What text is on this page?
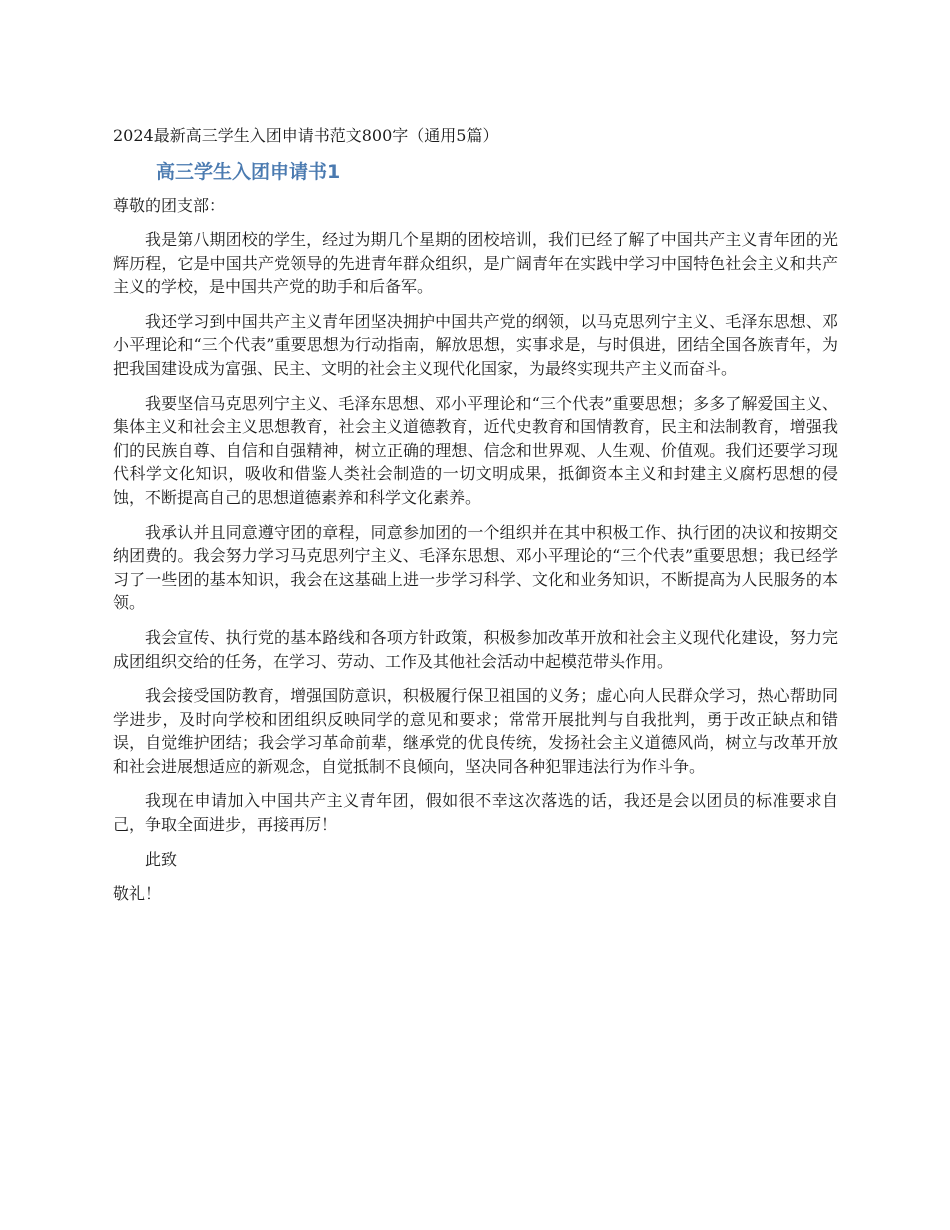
2024最新高三学生入团申请书范文800字（通用5篇）
高三学生入团申请书1
尊敬的团支部：

我是第八期团校的学生，经过为期几个星期的团校培训，我们已经了解了中国共产主义青年团的光辉历程，它是中国共产党领导的先进青年群众组织，是广阔青年在实践中学习中国特色社会主义和共产主义的学校，是中国共产党的助手和后备军。

我还学习到中国共产主义青年团坚决拥护中国共产党的纲领，以马克思列宁主义、毛泽东思想、邓小平理论和“三个代表”重要思想为行动指南，解放思想，实事求是，与时俱进，团结全国各族青年，为把我国建设成为富强、民主、文明的社会主义现代化国家，为最终实现共产主义而奋斗。

我要坚信马克思列宁主义、毛泽东思想、邓小平理论和“三个代表”重要思想；多多了解爱国主义、集体主义和社会主义思想教育，社会主义道德教育，近代史教育和国情教育，民主和法制教育，增强我们的民族自尊、自信和自强精神，树立正确的理想、信念和世界观、人生观、价值观。我们还要学习现代科学文化知识，吸收和借鉴人类社会制造的一切文明成果，抵御资本主义和封建主义腐朽思想的侵蚀，不断提高自己的思想道德素养和科学文化素养。

我承认并且同意遵守团的章程，同意参加团的一个组织并在其中积极工作、执行团的决议和按期交纳团费的。我会努力学习马克思列宁主义、毛泽东思想、邓小平理论的“三个代表”重要思想；我已经学习了一些团的基本知识，我会在这基础上进一步学习科学、文化和业务知识，不断提高为人民服务的本领。

我会宣传、执行党的基本路线和各项方针政策，积极参加改革开放和社会主义现代化建设，努力完成团组织交给的任务，在学习、劳动、工作及其他社会活动中起模范带头作用。

我会接受国防教育，增强国防意识，积极履行保卫祖国的义务；虚心向人民群众学习，热心帮助同学进步，及时向学校和团组织反映同学的意见和要求；常常开展批判与自我批判，勇于改正缺点和错误，自觉维护团结；我会学习革命前辈，继承党的优良传统，发扬社会主义道德风尚，树立与改革开放和社会进展想适应的新观念，自觉抵制不良倾向，坚决同各种犯罪违法行为作斗争。

我现在申请加入中国共产主义青年团，假如很不幸这次落选的话，我还是会以团员的标准要求自己，争取全面进步，再接再厉！

此致
敬礼！
